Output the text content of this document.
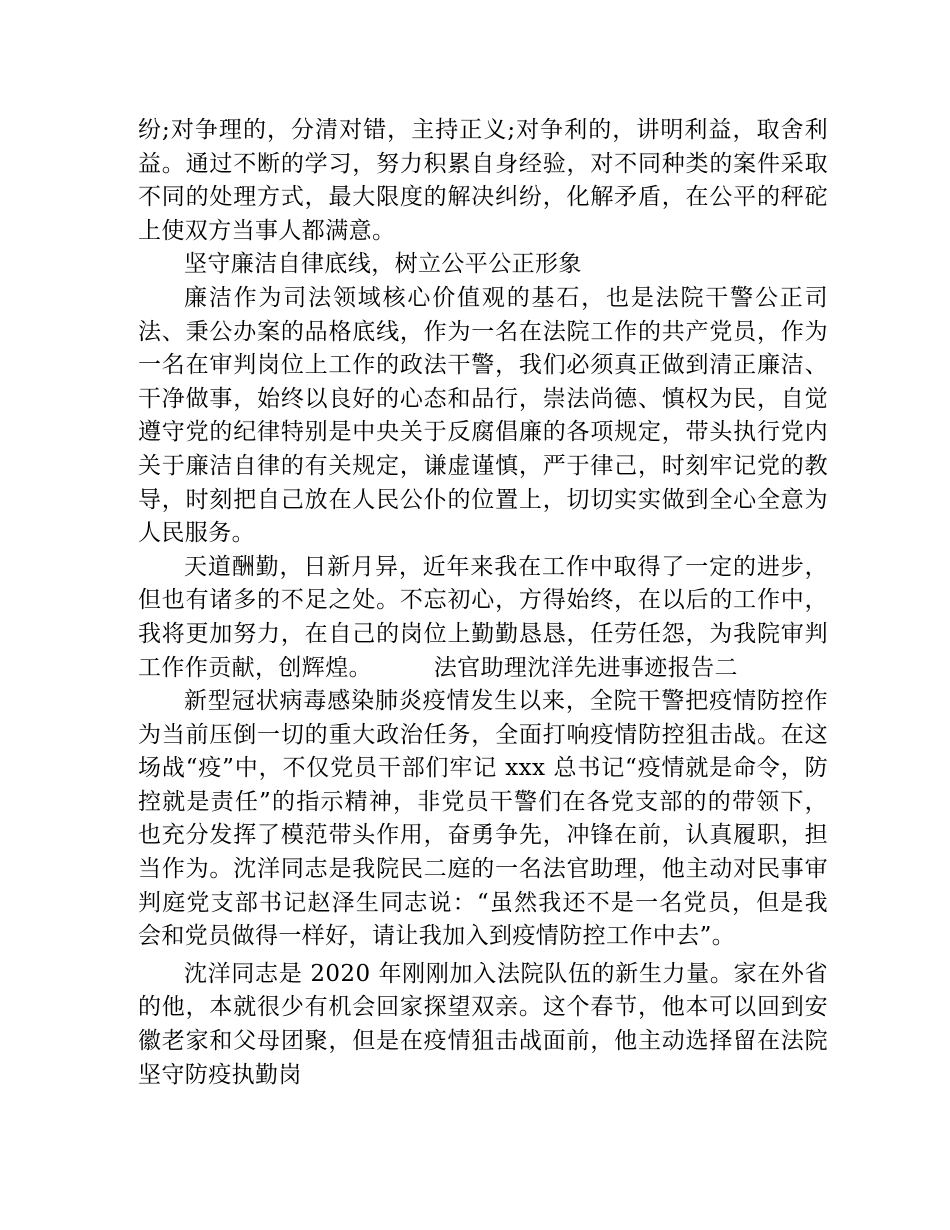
纷;对争理的，分清对错，主持正义;对争利的，讲明利益，取舍利益。通过不断的学习，努力积累自身经验，对不同种类的案件采取不同的处理方式，最大限度的解决纠纷，化解矛盾，在公平的秤砣上使双方当事人都满意。

坚守廉洁自律底线，树立公平公正形象

廉洁作为司法领域核心价值观的基石，也是法院干警公正司法、秉公办案的品格底线，作为一名在法院工作的共产党员，作为一名在审判岗位上工作的政法干警，我们必须真正做到清正廉洁、干净做事，始终以良好的心态和品行，崇法尚德、慎权为民，自觉遵守党的纪律特别是中央关于反腐倡廉的各项规定，带头执行党内关于廉洁自律的有关规定，谦虚谨慎，严于律己，时刻牢记党的教导，时刻把自己放在人民公仆的位置上，切切实实做到全心全意为人民服务。

天道酬勤，日新月异，近年来我在工作中取得了一定的进步，但也有诸多的不足之处。不忘初心，方得始终，在以后的工作中，我将更加努力，在自己的岗位上勤勤恳恳，任劳任怨，为我院审判工作作贡献，创辉煌。        法官助理沈洋先进事迹报告二

新型冠状病毒感染肺炎疫情发生以来，全院干警把疫情防控作为当前压倒一切的重大政治任务，全面打响疫情防控狙击战。在这场战“疫”中，不仅党员干部们牢记 xxx 总书记“疫情就是命令，防控就是责任”的指示精神，非党员干警们在各党支部的的带领下，也充分发挥了模范带头作用，奋勇争先，冲锋在前，认真履职，担当作为。沈洋同志是我院民二庭的一名法官助理，他主动对民事审判庭党支部书记赵泽生同志说：“虽然我还不是一名党员，但是我会和党员做得一样好，请让我加入到疫情防控工作中去”。

沈洋同志是 2020 年刚刚加入法院队伍的新生力量。家在外省的他，本就很少有机会回家探望双亲。这个春节，他本可以回到安徽老家和父母团聚，但是在疫情狙击战面前，他主动选择留在法院坚守防疫执勤岗
